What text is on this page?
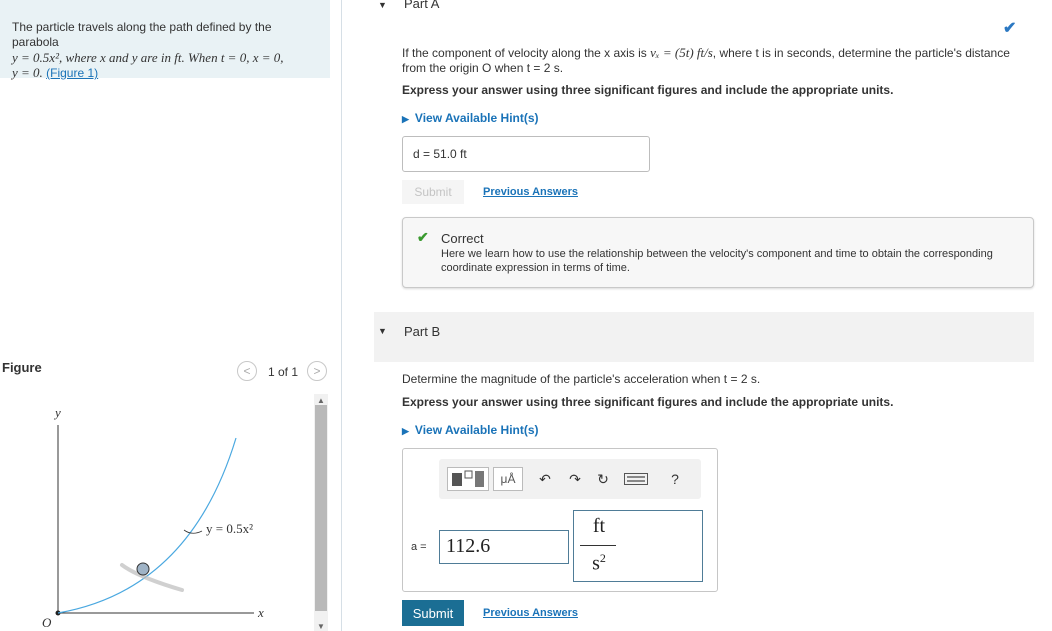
The particle travels along the path defined by the parabola
y = 0.5x², where x and y are in ft. When t = 0, x = 0,
y = 0. (Figure 1)
Figure	< 1 of 1 >
▲
▼
y
x
O
y = 0.5x²
▼ Part A
✔
If the component of velocity along the x axis is vₓ = (5t) ft/s, where t is in seconds, determine the particle's distance
from the origin O when t = 2 s.
Express your answer using three significant figures and include the appropriate units.
▶ View Available Hint(s)
d = 51.0 ft
Submit	Previous Answers
✔ Correct
Here we learn how to use the relationship between the velocity's component and time to obtain the corresponding coordinate expression in terms of time.
▼ Part B
Determine the magnitude of the particle's acceleration when t = 2 s.
Express your answer using three significant figures and include the appropriate units.
▶ View Available Hint(s)
μÅ	↶ ↷ ↻	?
a = 112.6
ft
$s^2$
Submit	Previous Answers
